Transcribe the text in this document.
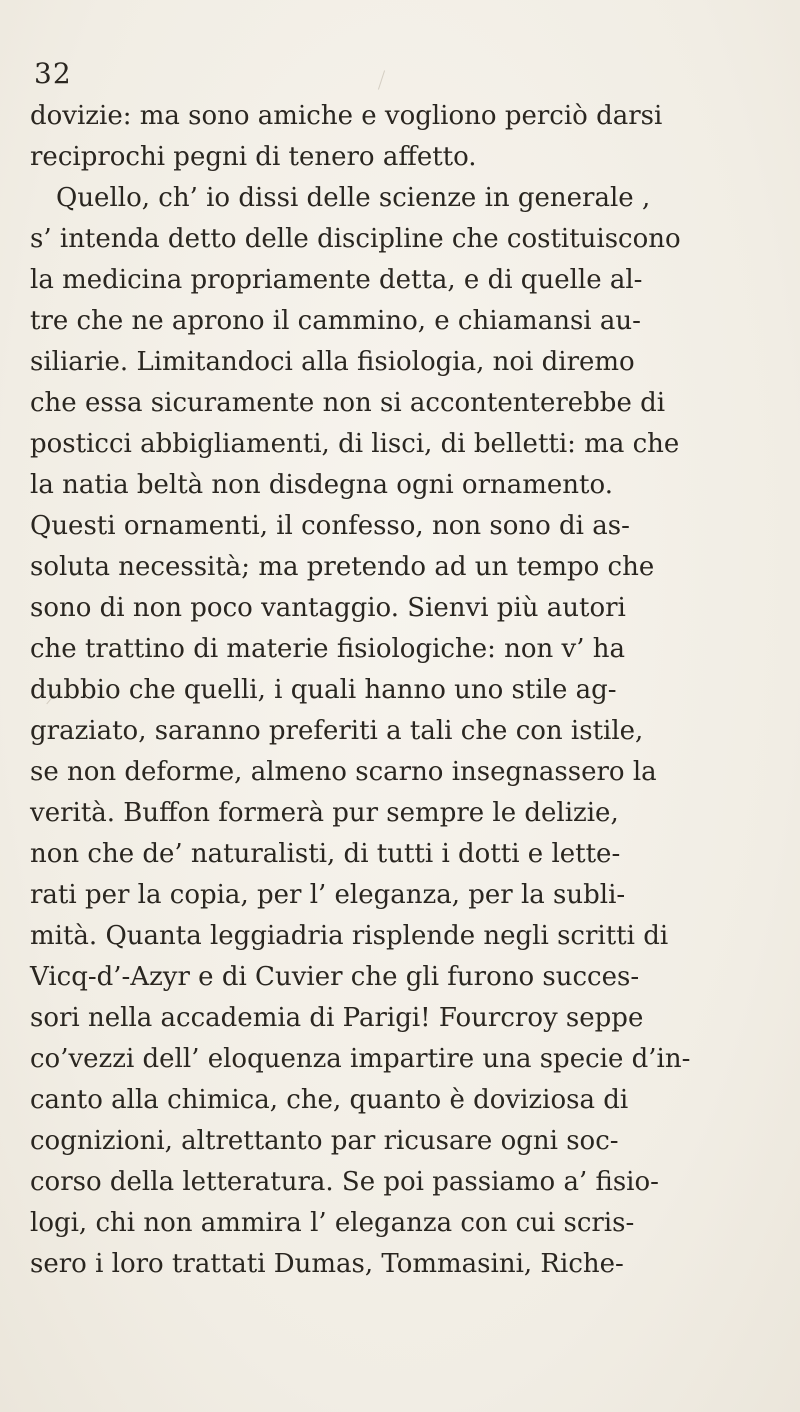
32
dovizie: ma sono amiche e vogliono perciò darsi
reciprochi pegni di tenero affetto.
Quello, ch’ io dissi delle scienze in generale ,
s’ intenda detto delle discipline che costituiscono
la medicina propriamente detta, e di quelle al-
tre che ne aprono il cammino, e chiamansi au-
siliarie. Limitandoci alla fisiologia, noi diremo
che essa sicuramente non si accontenterebbe di
posticci abbigliamenti, di lisci, di belletti: ma che
la natia beltà non disdegna ogni ornamento.
Questi ornamenti, il confesso, non sono di as-
soluta necessità; ma pretendo ad un tempo che
sono di non poco vantaggio. Sienvi più autori
che trattino di materie fisiologiche: non v’ ha
dubbio che quelli, i quali hanno uno stile ag-
graziato, saranno preferiti a tali che con istile,
se non deforme, almeno scarno insegnassero la
verità. Buffon formerà pur sempre le delizie,
non che de’ naturalisti, di tutti i dotti e lette-
rati per la copia, per l’ eleganza, per la subli-
mità. Quanta leggiadria risplende negli scritti di
Vicq-d’-Azyr e di Cuvier che gli furono succes-
sori nella accademia di Parigi! Fourcroy seppe
co’vezzi dell’ eloquenza impartire una specie d’in-
canto alla chimica, che, quanto è doviziosa di
cognizioni, altrettanto par ricusare ogni soc-
corso della letteratura. Se poi passiamo a’ fisio-
logi, chi non ammira l’ eleganza con cui scris-
sero i loro trattati Dumas, Tommasini, Riche-
